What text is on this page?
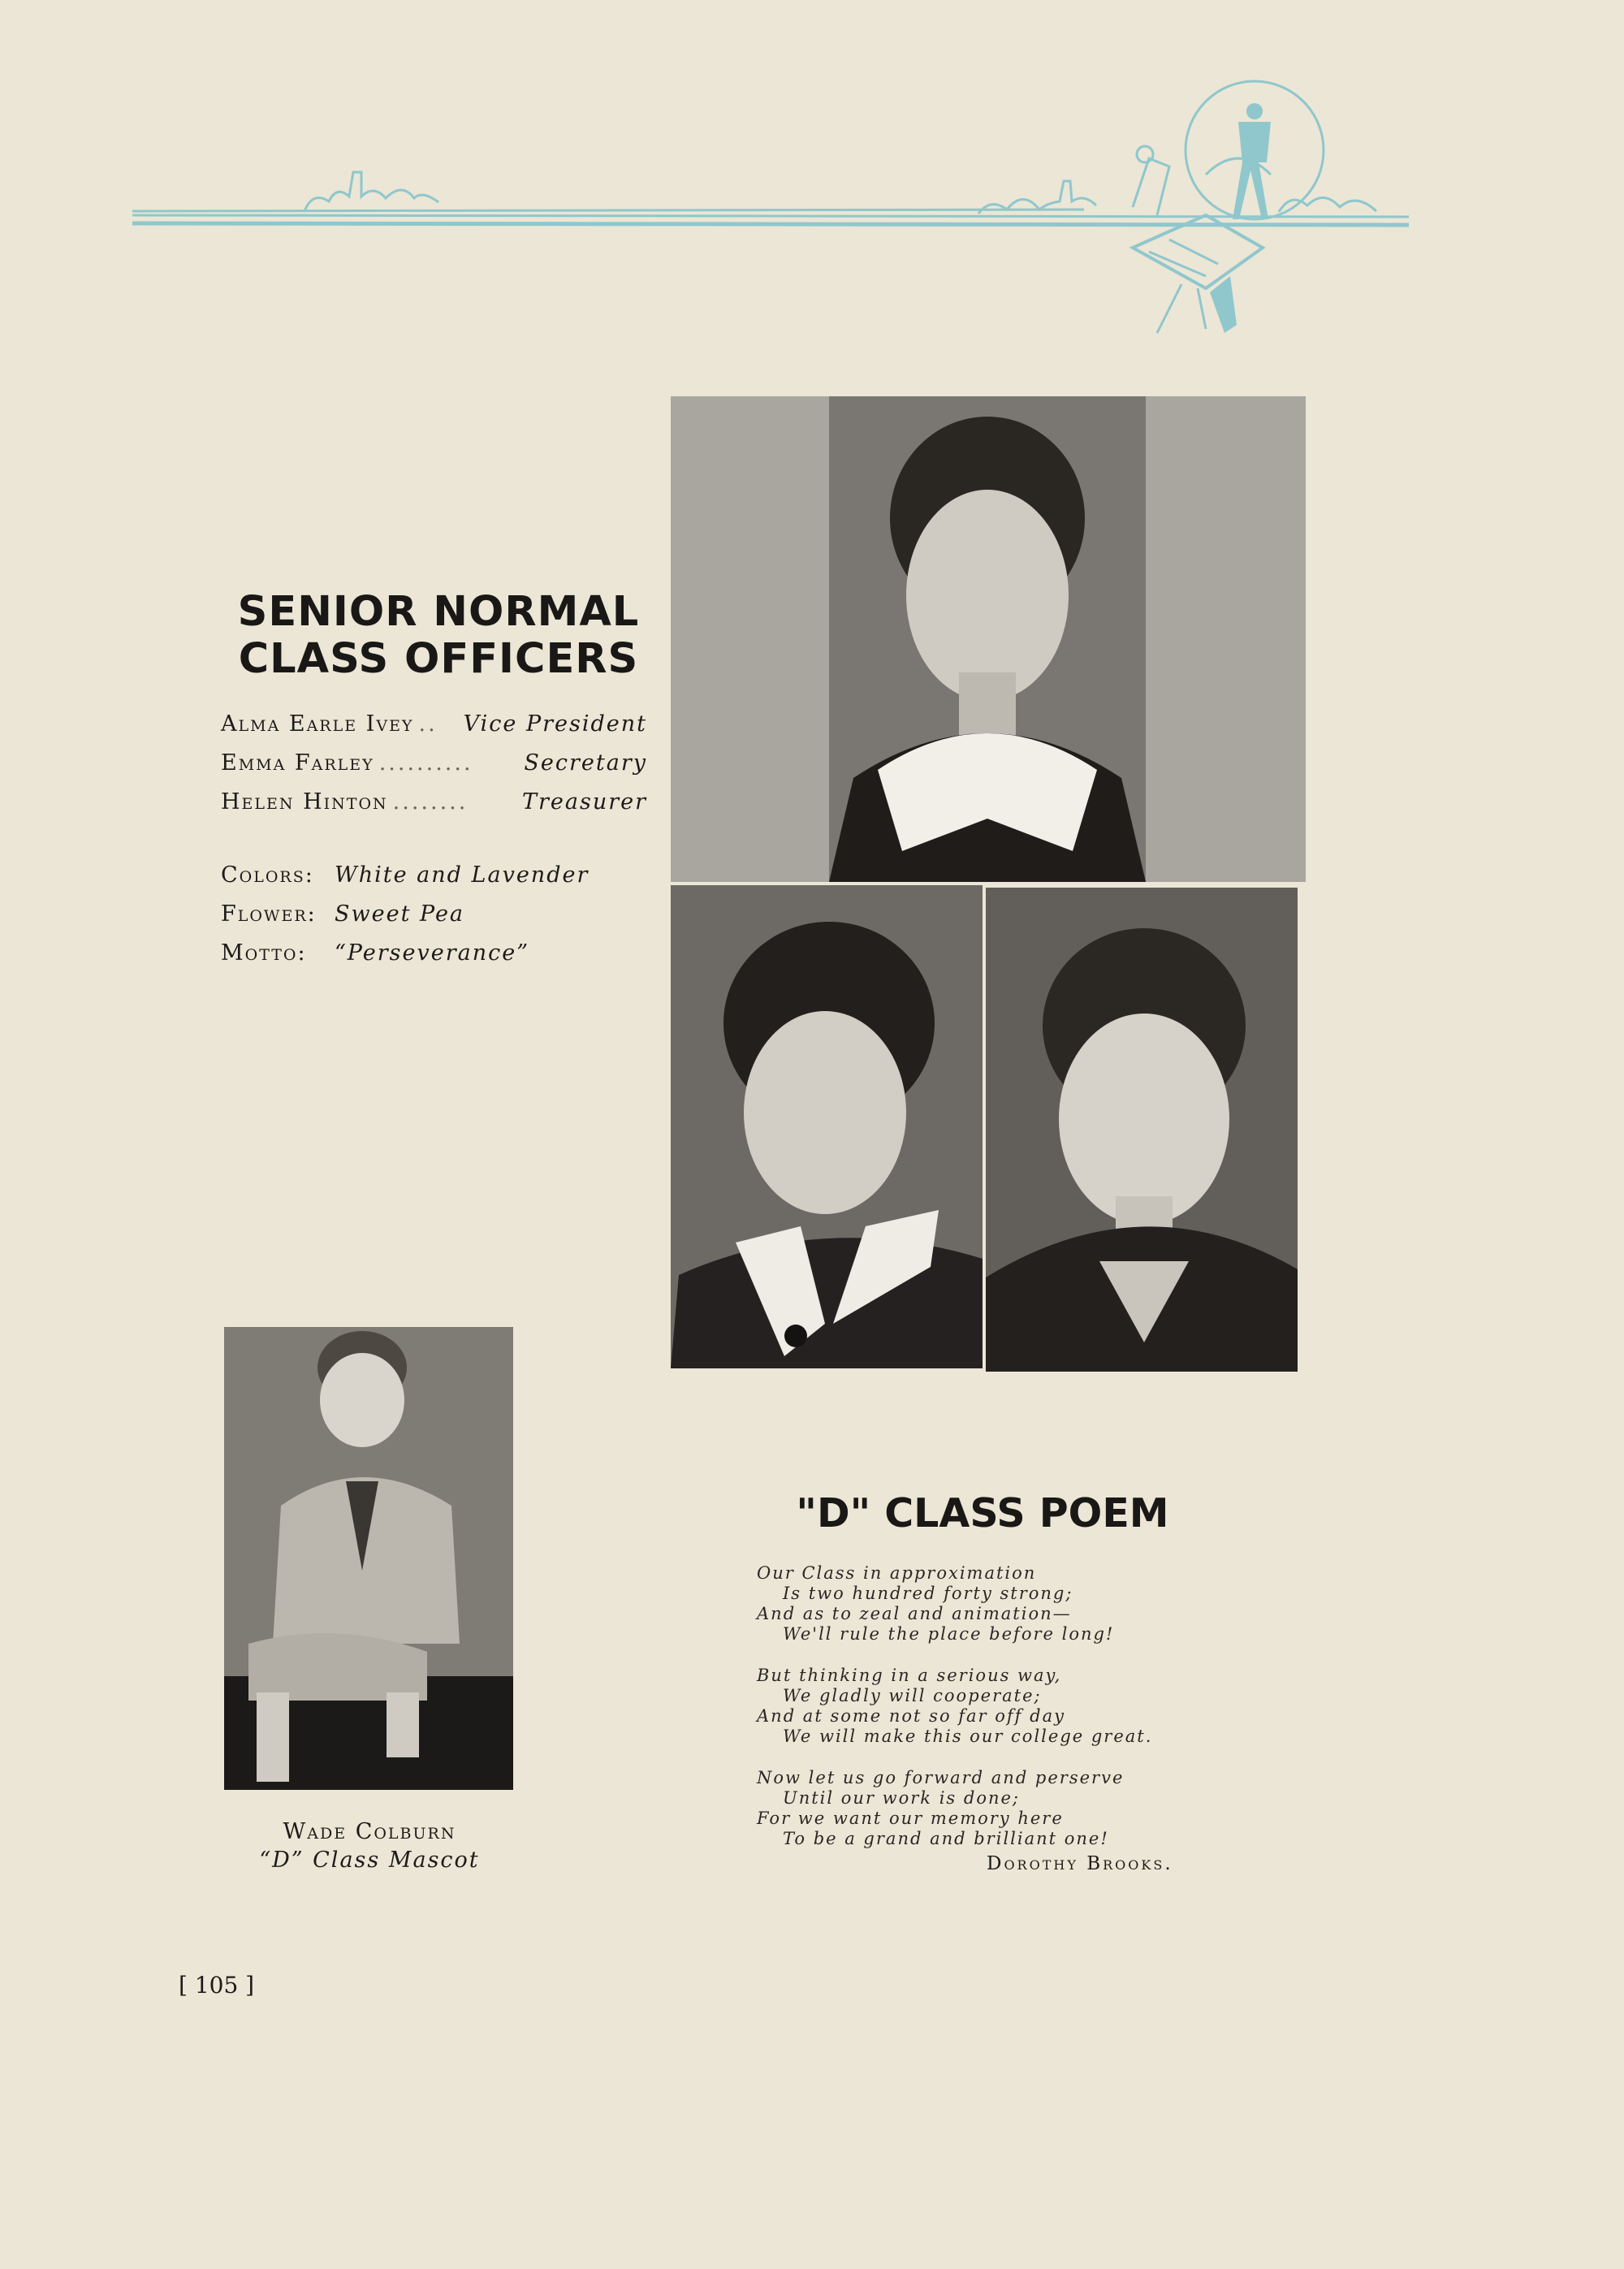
SENIOR NORMAL
CLASS OFFICERS
Alma Earle Ivey ..	Vice President
Emma Farley ..........	Secretary
Helen Hinton ........	Treasurer
Colors: White and Lavender
Flower: Sweet Pea
Motto:	“Perseverance”
Wade Colburn
“D” Class Mascot
"D" CLASS POEM
Our Class in approximation
Is two hundred forty strong;
And as to zeal and animation—
We'll rule the place before long!
But thinking in a serious way,
We gladly will cooperate;
And at some not so far off day
We will make this our college great.
Now let us go forward and perserve
Until our work is done;
For we want our memory here
To be a grand and brilliant one!
Dorothy Brooks.
[ 105 ]
